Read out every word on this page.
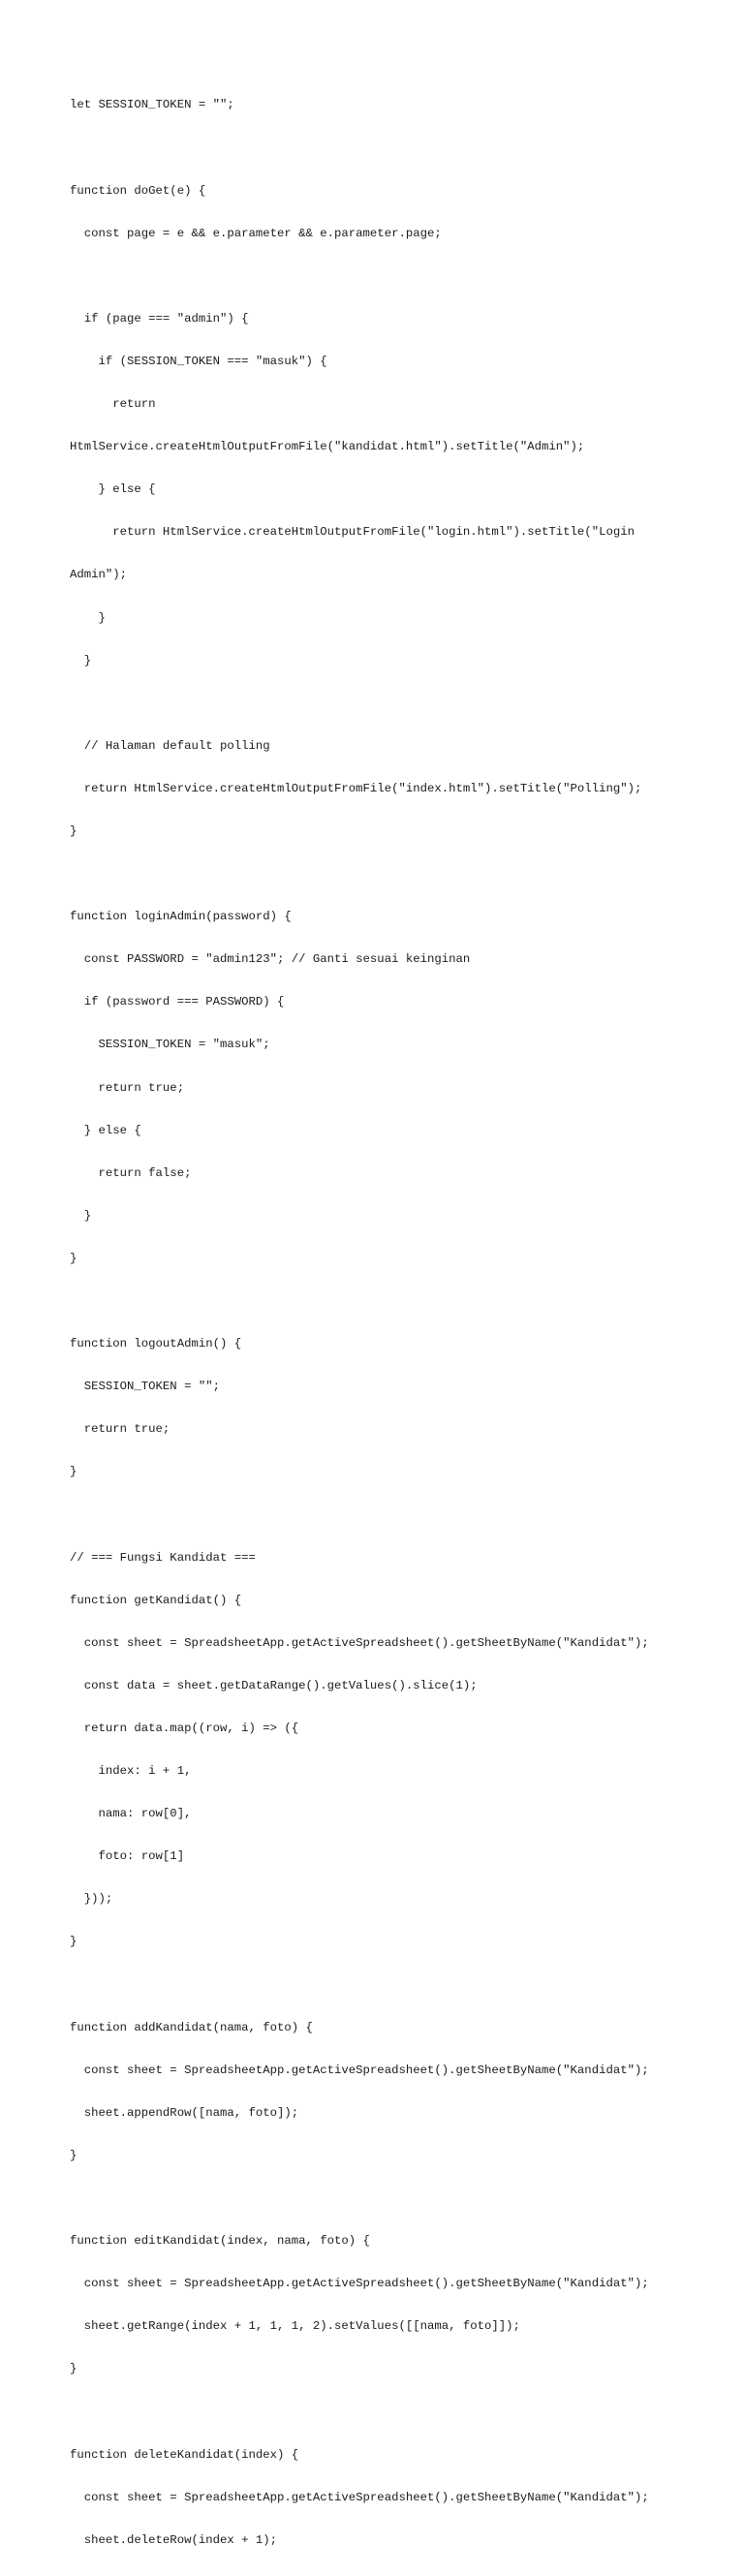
let SESSION_TOKEN = "";

function doGet(e) {

const page = e && e.parameter && e.parameter.page;

if (page === "admin") {

if (SESSION_TOKEN === "masuk") {

return

HtmlService.createHtmlOutputFromFile("kandidat.html").setTitle("Admin");

} else {

return HtmlService.createHtmlOutputFromFile("login.html").setTitle("Login

Admin");

}

}

// Halaman default polling

return HtmlService.createHtmlOutputFromFile("index.html").setTitle("Polling");

}

function loginAdmin(password) {

const PASSWORD = "admin123"; // Ganti sesuai keinginan

if (password === PASSWORD) {

SESSION_TOKEN = "masuk";

return true;

} else {

return false;

}

}

function logoutAdmin() {

SESSION_TOKEN = "";

return true;

}

// === Fungsi Kandidat ===

function getKandidat() {

const sheet = SpreadsheetApp.getActiveSpreadsheet().getSheetByName("Kandidat");

const data = sheet.getDataRange().getValues().slice(1);

return data.map((row, i) => ({

index: i + 1,

nama: row[0],

foto: row[1]

}));

}

function addKandidat(nama, foto) {

const sheet = SpreadsheetApp.getActiveSpreadsheet().getSheetByName("Kandidat");

sheet.appendRow([nama, foto]);

}

function editKandidat(index, nama, foto) {

const sheet = SpreadsheetApp.getActiveSpreadsheet().getSheetByName("Kandidat");

sheet.getRange(index + 1, 1, 1, 2).setValues([[nama, foto]]);

}

function deleteKandidat(index) {

const sheet = SpreadsheetApp.getActiveSpreadsheet().getSheetByName("Kandidat");

sheet.deleteRow(index + 1);
